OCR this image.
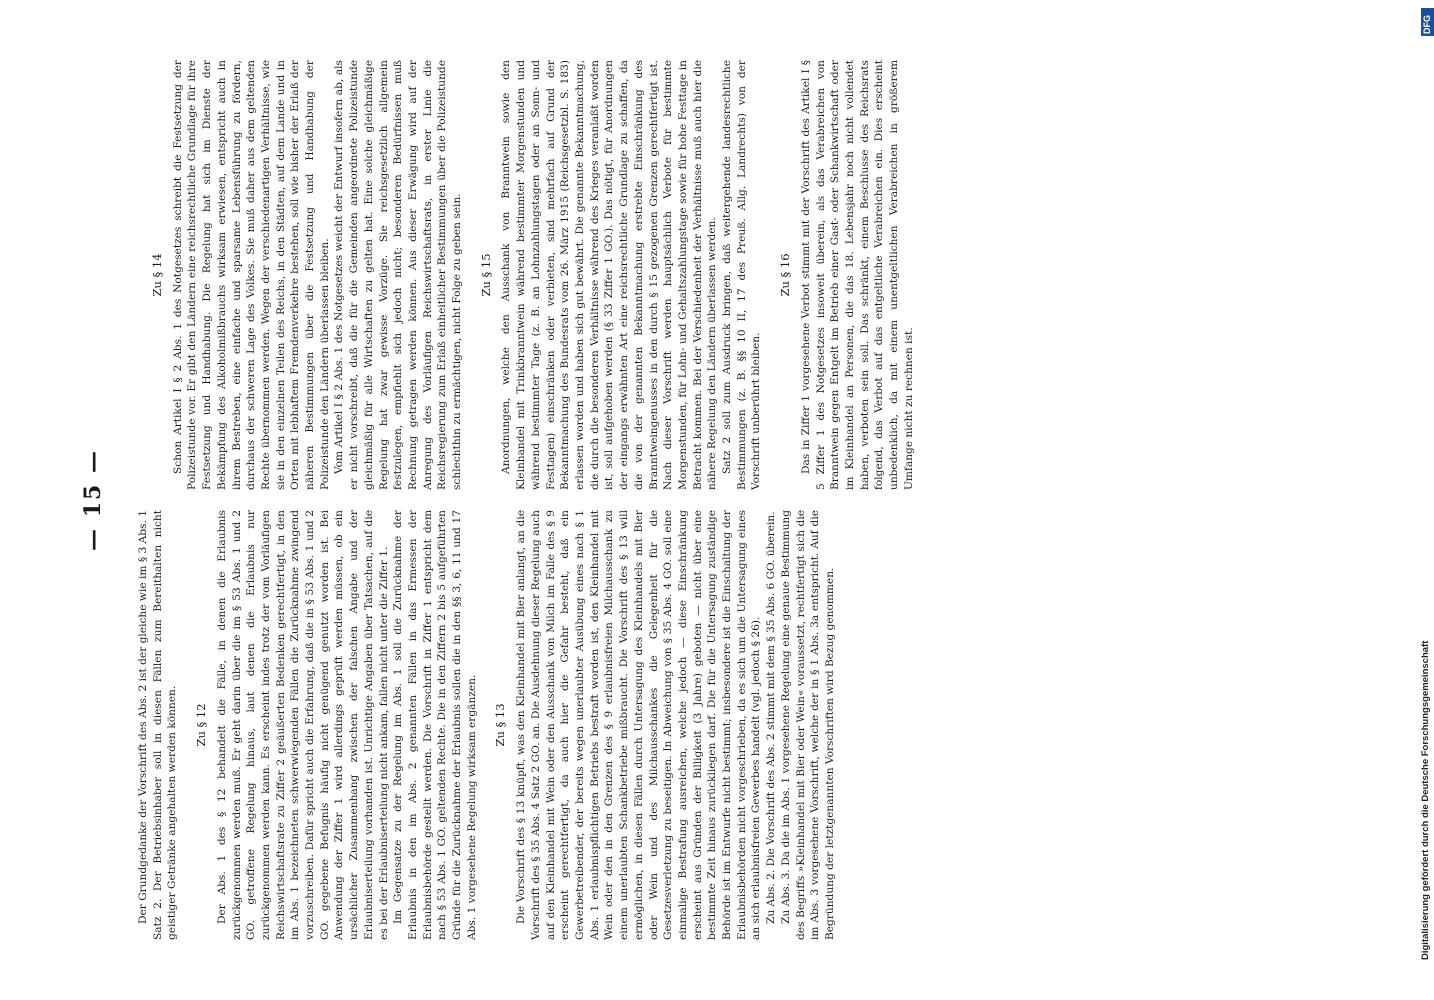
— 15 —

Der Grundgedanke der Vorschrift des Abs. 2 ist der gleiche wie im § 3 Abs. 1 Satz 2. Der Betriebsinhaber soll in diesen Fällen zum Bereithalten nicht geistiger Getränke angehalten werden können. Zu § 12 Der Abs. 1 des § 12 behandelt die Fälle, in denen die Erlaubnis zurückgenommen werden muß. Er geht darin über die im § 53 Abs. 1 und 2 GO. getroffene Regelung hinaus, laut denen die Erlaubnis nur zurückgenommen werden kann. Es erscheint indes trotz der vom Vorläufigen Reichswirtschaftsrate zu Ziffer 2 geäußerten Bedenken gerechtfertigt, in den im Abs. 1 bezeichneten schwerwiegenden Fällen die Zurücknahme zwingend vorzuschreiben. Dafür spricht auch die Erfahrung, daß die in § 53 Abs. 1 und 2 GO. gegebene Befugnis häufig nicht genügend genutzt worden ist. Bei Anwendung der Ziffer 1 wird allerdings geprüft werden müssen, ob ein ursächlicher Zusammenhang zwischen der falschen Angabe und der Erlaubniserteilung vorhanden ist. Unrichtige Angaben über Tatsachen, auf die es bei der Erlaubniserteilung nicht ankam, fallen nicht unter die Ziffer 1. Im Gegensatze zu der Regelung im Abs. 1 soll die Zurücknahme der Erlaubnis in den im Abs. 2 genannten Fällen in das Ermessen der Erlaubnisbehörde gestellt werden. Die Vorschrift in Ziffer 1 entspricht dem nach § 53 Abs. 1 GO. geltenden Rechte. Die in den Ziffern 2 bis 5 aufgeführten Gründe für die Zurücknahme der Erlaubnis sollen die in den §§ 3, 6, 11 und 17 Abs. 1 vorgesehene Regelung wirksam ergänzen. Zu § 13 Die Vorschrift des § 13 knüpft, was den Kleinhandel mit Bier anlangt, an die Vorschrift des § 35 Abs. 4 Satz 2 GO. an. Die Ausdehnung dieser Regelung auch auf den Kleinhandel mit Wein oder den Ausschank von Milch im Falle des § 9 erscheint gerechtfertigt, da auch hier die Gefahr besteht, daß ein Gewerbetreibender, der bereits wegen unerlaubter Ausübung eines nach § 1 Abs. 1 erlaubnispflichtigen Betriebs bestraft worden ist, den Kleinhandel mit Wein oder den in den Grenzen des § 9 erlaubnisfreien Milchausschank zu einem unerlaubten Schankbetriebe mißbraucht. Die Vorschrift des § 13 will ermöglichen, in diesen Fällen durch Untersagung des Kleinhandels mit Bier oder Wein und des Milchausschankes die Gelegenheit für die Gesetzesverletzung zu beseitigen. In Abweichung von § 35 Abs. 4 GO. soll eine einmalige Bestrafung ausreichen, welche jedoch — diese Einschränkung erscheint aus Gründen der Billigkeit (3 Jahre) geboten — nicht über eine bestimmte Zeit hinaus zurückliegen darf. Die für die Untersagung zuständige Behörde ist im Entwurfe nicht bestimmt; insbesondere ist die Einschaltung der Erlaubnisbehörden nicht vorgeschrieben, da es sich um die Untersagung eines an sich erlaubnisfreien Gewerbes handelt (vgl. jedoch § 26). Zu Abs. 2. Die Vorschrift des Abs. 2 stimmt mit dem § 35 Abs. 6 GO. überein. Zu Abs. 3. Da die im Abs. 1 vorgesehene Regelung eine genaue Bestimmung des Begriffs »Kleinhandel mit Bier oder Wein« voraussetzt, rechtfertigt sich die im Abs. 3 vorgesehene Vorschrift, welche der in § 1 Abs. 3a entspricht. Auf die Begründung der letztgenannten Vorschriften wird Bezug genommen.

Zu § 14 Schon Artikel I § 2 Abs. 1 des Notgesetzes schreibt die Festsetzung der Polizeistunde vor. Er gibt den Ländern eine reichsrechtliche Grundlage für ihre Festsetzung und Handhabung. Die Regelung hat sich im Dienste der Bekämpfung des Alkoholmißbrauchs wirksam erwiesen, entspricht auch in ihrem Bestreben, eine einfache und sparsame Lebensführung zu fördern, durchaus der schweren Lage des Volkes. Sie muß daher aus dem geltenden Rechte übernommen werden. Wegen der verschiedenartigen Verhältnisse, wie sie in den einzelnen Teilen des Reichs, in den Städten, auf dem Lande und in Orten mit lebhaftem Fremdenverkehre bestehen, soll wie bisher der Erlaß der näheren Bestimmungen über die Festsetzung und Handhabung der Polizeistunde den Ländern überlassen bleiben. Vom Artikel I § 2 Abs. 1 des Notgesetzes weicht der Entwurf insofern ab, als er nicht vorschreibt, daß die für die Gemeinden angeordnete Polizeistunde gleichmäßig für alle Wirtschaften zu gelten hat. Eine solche gleichmäßige Regelung hat zwar gewisse Vorzüge. Sie reichsgesetzlich allgemein festzulegen, empfiehlt sich jedoch nicht; besonderen Bedürfnissen muß Rechnung getragen werden können. Aus dieser Erwägung wird auf der Anregung des Vorläufigen Reichswirtschaftsrats, in erster Linie die Reichsregierung zum Erlaß einheitlicher Bestimmungen über die Polizeistunde schlechthin zu ermächtigen, nicht Folge zu geben sein. Zu § 15 Anordnungen, welche den Ausschank von Branntwein sowie den Kleinhandel mit Trinkbranntwein während bestimmter Morgenstunden und während bestimmter Tage (z. B. an Lohnzahlungstagen oder an Sonn- und Festtagen) einschränken oder verbieten, sind mehrfach auf Grund der Bekanntmachung des Bundesrats vom 26. März 1915 (Reichsgesetzbl. S. 183) erlassen worden und haben sich gut bewährt. Die genannte Bekanntmachung, die durch die besonderen Verhältnisse während des Krieges veranlaßt worden ist, soll aufgehoben werden (§ 33 Ziffer 1 GO.). Das nötigt, für Anordnungen der eingangs erwähnten Art eine reichsrechtliche Grundlage zu schaffen, da die von der genannten Bekanntmachung erstrebte Einschränkung des Branntweingenusses in den durch § 15 gezogenen Grenzen gerechtfertigt ist. Nach dieser Vorschrift werden hauptsächlich Verbote für bestimmte Morgenstunden, für Lohn- und Gehaltszahlungstage sowie für hohe Festtage in Betracht kommen. Bei der Verschiedenheit der Verhältnisse muß auch hier die nähere Regelung den Ländern überlassen werden. Satz 2 soll zum Ausdruck bringen, daß weitergehende landesrechtliche Bestimmungen (z. B. §§ 10 II, 17 des Preuß. Allg. Landrechts) von der Vorschrift unberührt bleiben.

Zu § 16 Das in Ziffer 1 vorgesehene Verbot stimmt mit der Vorschrift des Artikel I § 5 Ziffer 1 des Notgesetzes insoweit überein, als das Verabreichen von Branntwein gegen Entgelt im Betrieb einer Gast- oder Schankwirtschaft oder im Kleinhandel an Personen, die das 18. Lebensjahr noch nicht vollendet haben, verboten sein soll. Das schränkt, einem Beschlusse des Reichsrats folgend, das Verbot auf das entgeltliche Verabreichen ein. Dies erscheint unbedenklich, da mit einem unentgeltlichen Verabreichen in größerem Umfange nicht zu rechnen ist.

DFG
Digitalisierung gefördert durch die Deutsche Forschungsgemeinschaft
